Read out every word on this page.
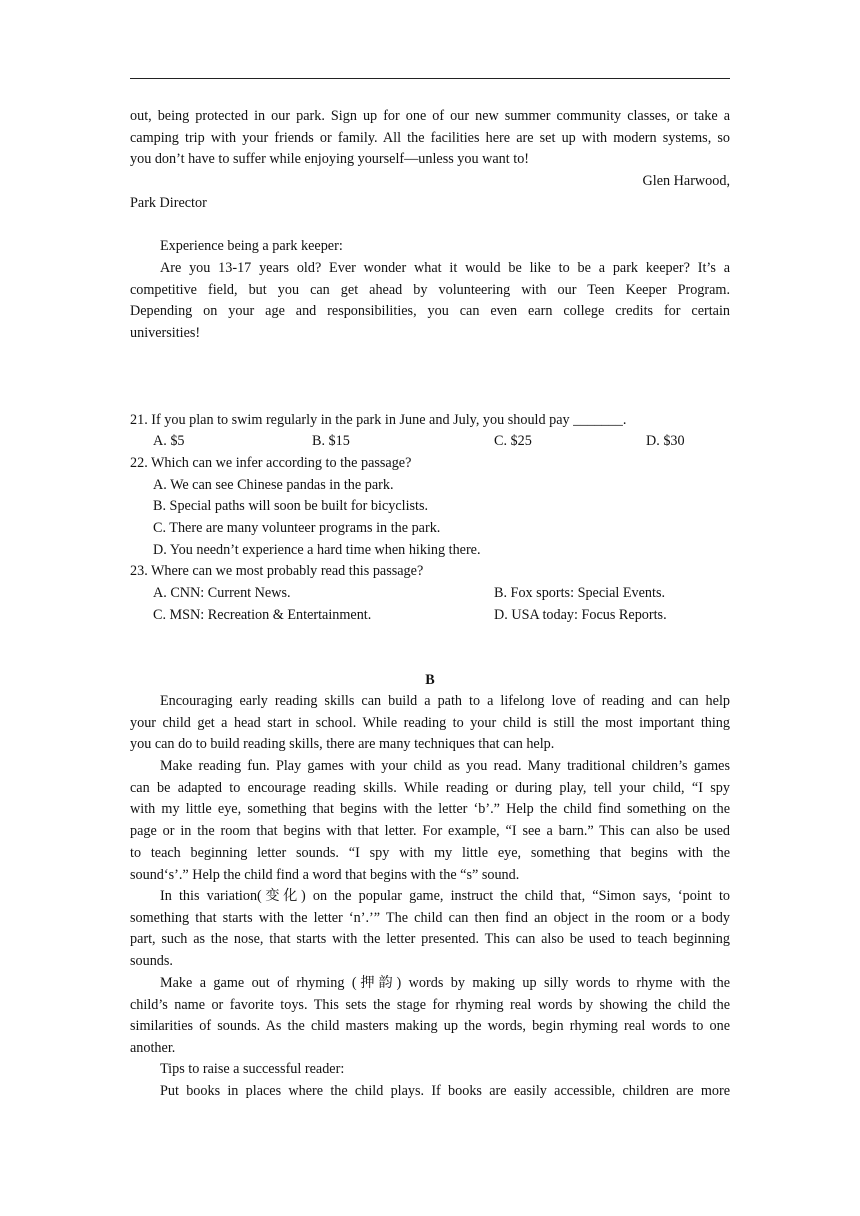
out, being protected in our park. Sign up for one of our new summer community classes, or take a
camping trip with your friends or family. All the facilities here are set up with modern systems, so
you don’t have to suffer while enjoying yourself—unless you want to!
Glen Harwood,
Park Director
Experience being a park keeper:
Are you 13-17 years old? Ever wonder what it would be like to be a park keeper? It’s a
competitive field, but you can get ahead by volunteering with our Teen Keeper Program.
Depending on your age and responsibilities, you can even earn college credits for certain
universities!
21. If you plan to swim regularly in the park in June and July, you should pay _______.
A. $5	B. $15	C. $25	D. $30
22. Which can we infer according to the passage?
A. We can see Chinese pandas in the park.
B. Special paths will soon be built for bicyclists.
C. There are many volunteer programs in the park.
D. You needn’t experience a hard time when hiking there.
23. Where can we most probably read this passage?
A. CNN: Current News.	B. Fox sports: Special Events.
C. MSN: Recreation & Entertainment.	D. USA today: Focus Reports.
B
Encouraging early reading skills can build a path to a lifelong love of reading and can help
your child get a head start in school. While reading to your child is still the most important thing
you can do to build reading skills, there are many techniques that can help.
Make reading fun. Play games with your child as you read. Many traditional children’s games
can be adapted to encourage reading skills. While reading or during play, tell your child, “I spy
with my little eye, something that begins with the letter ‘b’.” Help the child find something on the
page or in the room that begins with that letter. For example, “I see a barn.” This can also be used
to teach beginning letter sounds. “I spy with my little eye, something that begins with the
sound‘s’.” Help the child find a word that begins with the “s” sound.
In this variation(变化) on the popular game, instruct the child that, “Simon says, ‘point to
something that starts with the letter ‘n’.’” The child can then find an object in the room or a body
part, such as the nose, that starts with the letter presented. This can also be used to teach beginning
sounds.
Make a game out of rhyming (押韵) words by making up silly words to rhyme with the
child’s name or favorite toys. This sets the stage for rhyming real words by showing the child the
similarities of sounds. As the child masters making up the words, begin rhyming real words to one
another.
Tips to raise a successful reader:
Put books in places where the child plays. If books are easily accessible, children are more
